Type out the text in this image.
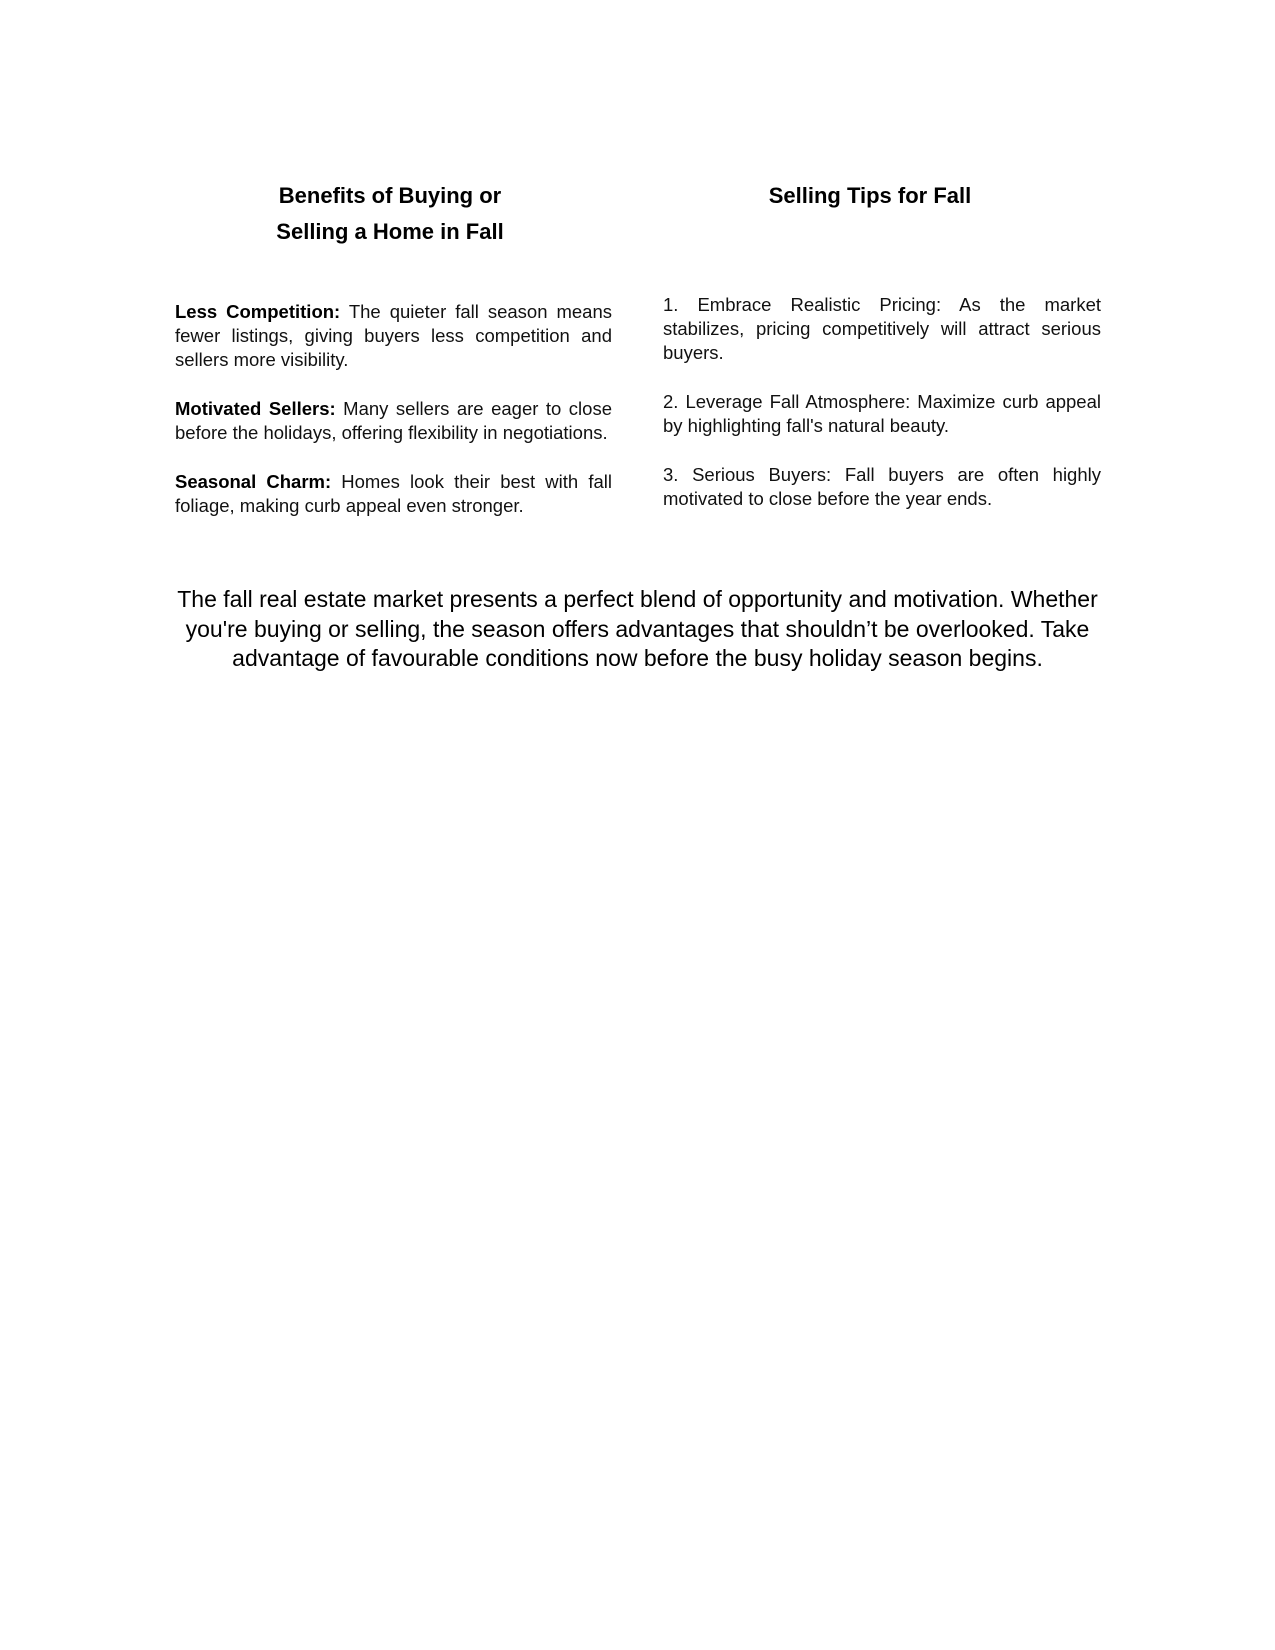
Benefits of Buying or
Selling a Home in Fall
Selling Tips for Fall

Less Competition: The quieter fall season means fewer listings, giving buyers less competition and sellers more visibility.

Motivated Sellers: Many sellers are eager to close before the holidays, offering flexibility in negotiations.

Seasonal Charm: Homes look their best with fall foliage, making curb appeal even stronger.

1. Embrace Realistic Pricing: As the market stabilizes, pricing competitively will attract serious buyers.

2. Leverage Fall Atmosphere: Maximize curb appeal by highlighting fall's natural beauty.

3. Serious Buyers: Fall buyers are often highly motivated to close before the year ends.

The fall real estate market presents a perfect blend of opportunity and motivation. Whether you're buying or selling, the season offers advantages that shouldn’t be overlooked. Take advantage of favourable conditions now before the busy holiday season begins.
